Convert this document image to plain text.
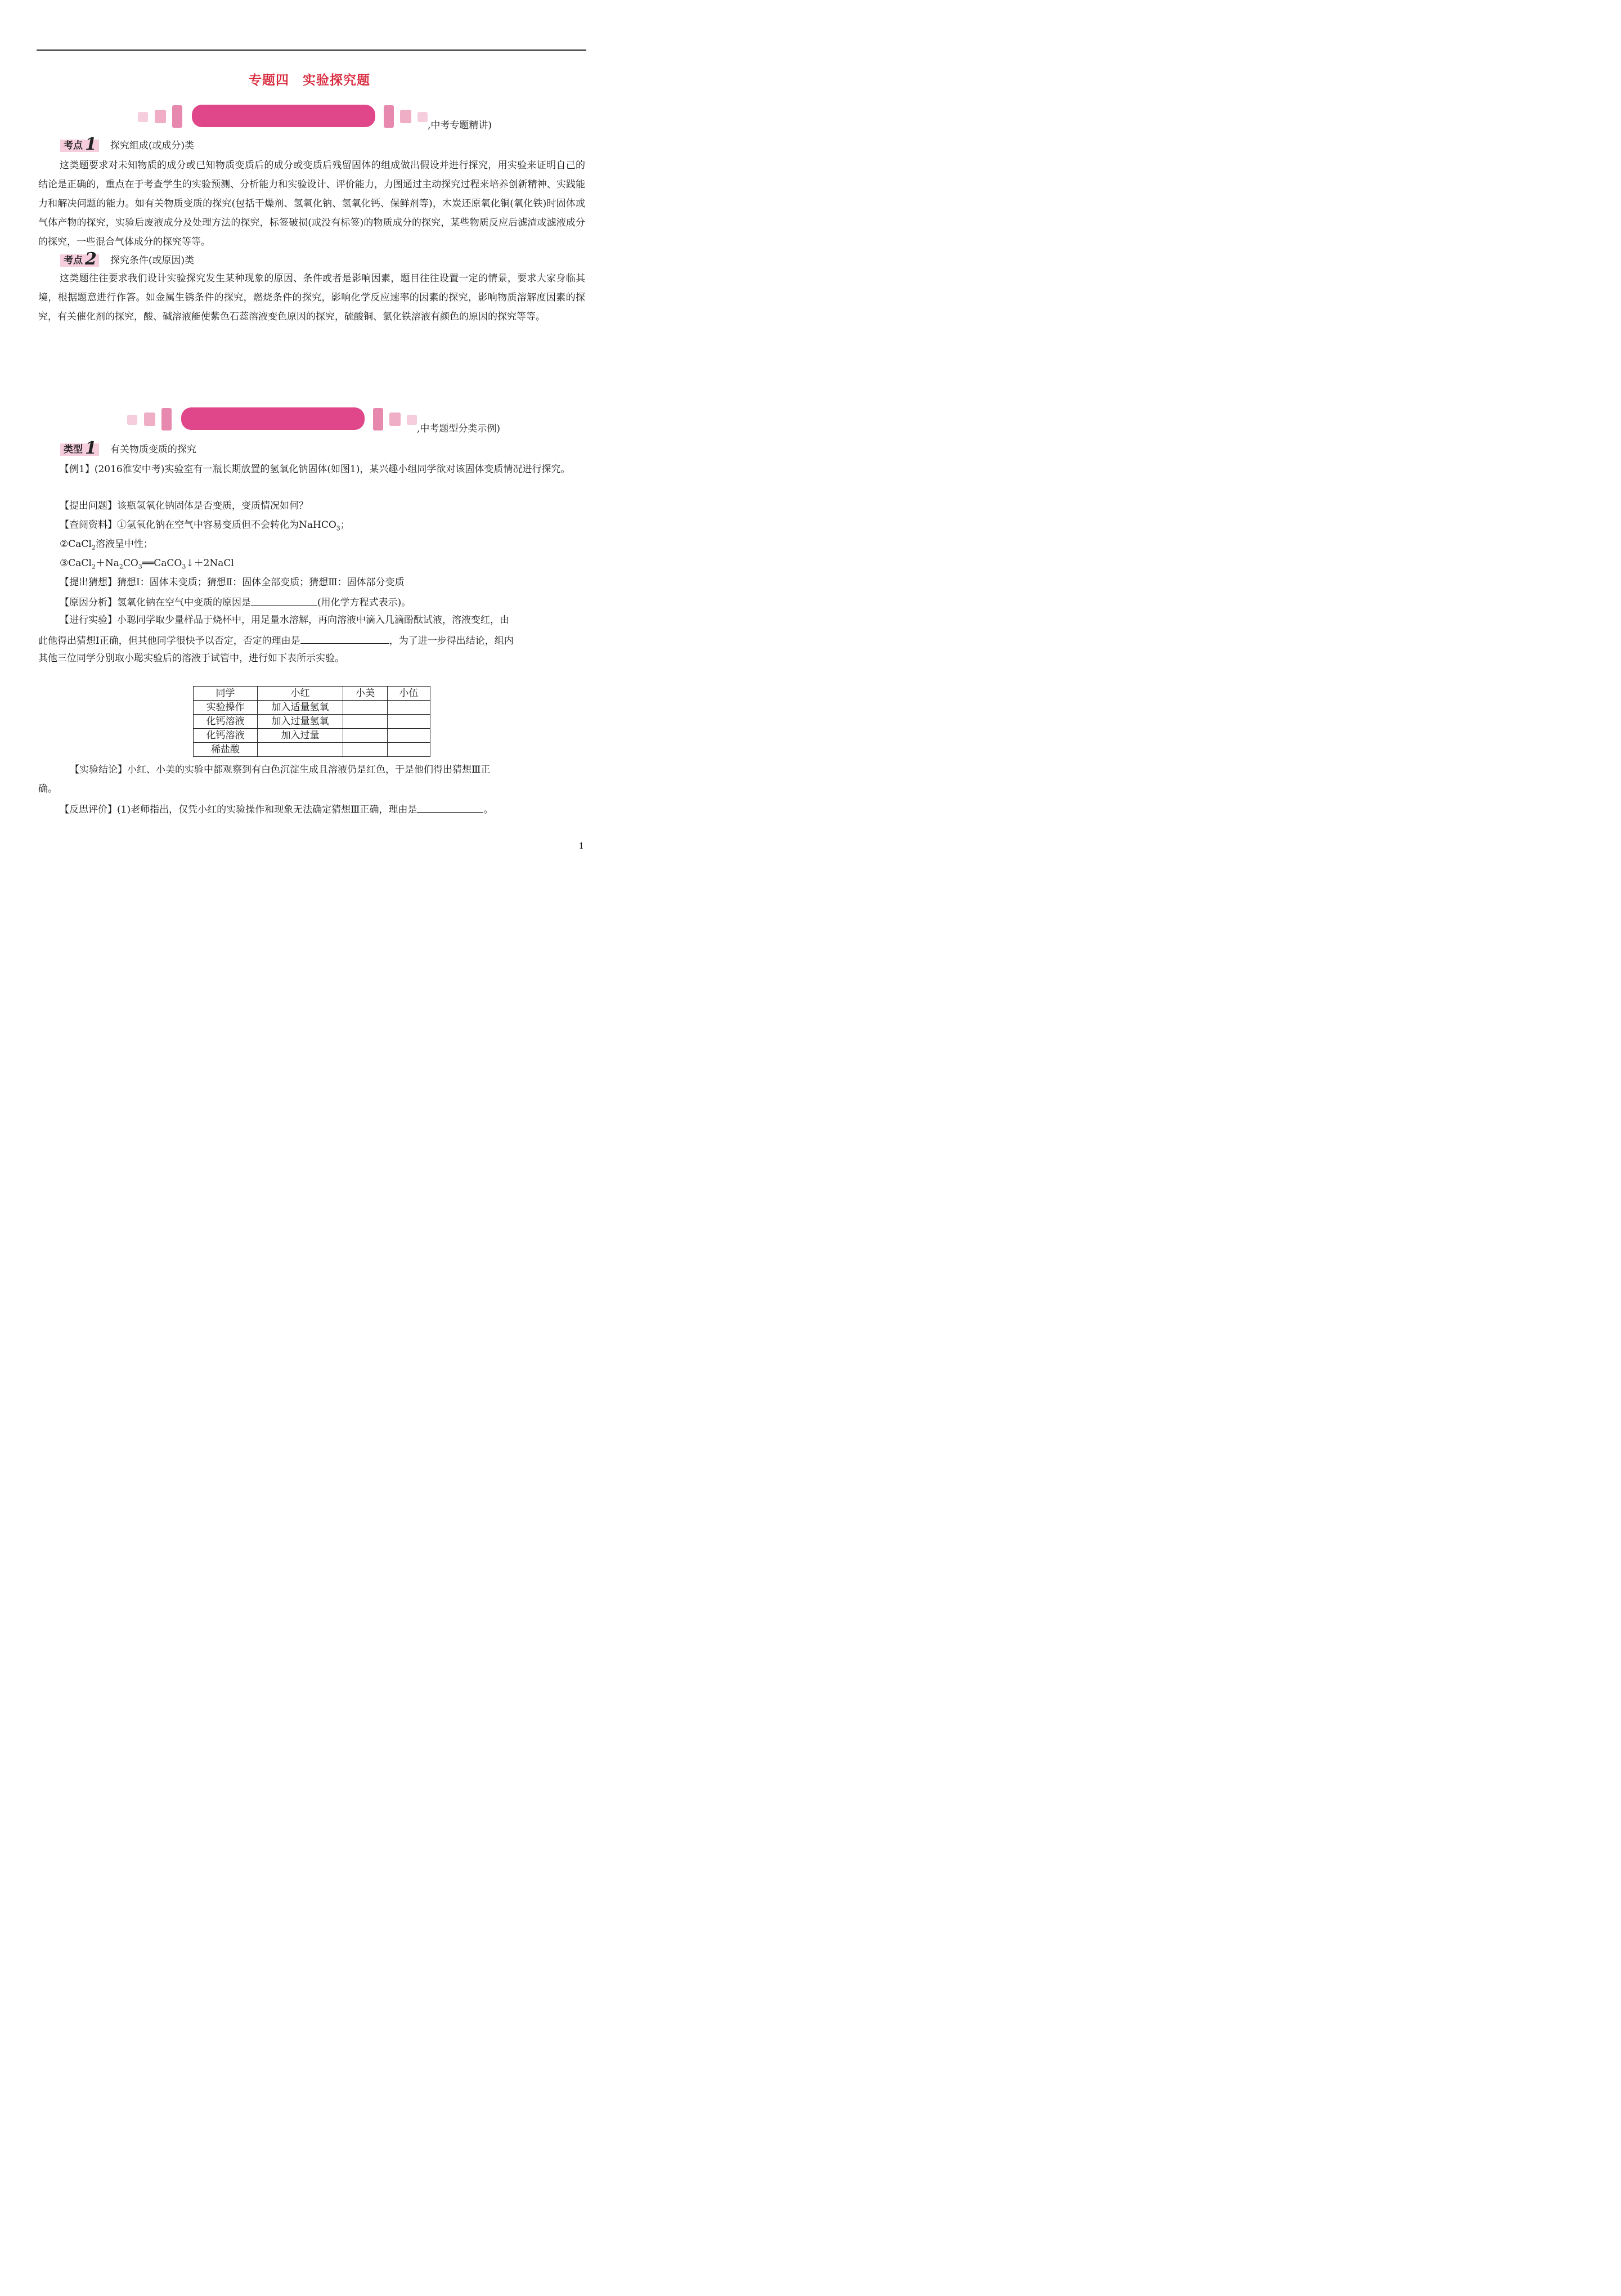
专题四　实验探究题
,中考专题精讲)
考点 1 探究组成(或成分)类
这类题要求对未知物质的成分或已知物质变质后的成分或变质后残留固体的组成做出假设并进行探究，用实验来证明自己的结论是正确的，重点在于考查学生的实验预测、分析能力和实验设计、评价能力，力图通过主动探究过程来培养创新精神、实践能力和解决问题的能力。如有关物质变质的探究(包括干燥剂、氢氧化钠、氢氧化钙、保鲜剂等)，木炭还原氧化铜(氧化铁)时固体或气体产物的探究，实验后废液成分及处理方法的探究，标签破损(或没有标签)的物质成分的探究，某些物质反应后滤渣或滤液成分的探究，一些混合气体成分的探究等等。
考点 2 探究条件(或原因)类
这类题往往要求我们设计实验探究发生某种现象的原因、条件或者是影响因素，题目往往设置一定的情景，要求大家身临其境，根据题意进行作答。如金属生锈条件的探究，燃烧条件的探究，影响化学反应速率的因素的探究，影响物质溶解度因素的探究，有关催化剂的探究，酸、碱溶液能使紫色石蕊溶液变色原因的探究，硫酸铜、氯化铁溶液有颜色的原因的探究等等。
,中考题型分类示例)
类型 1 有关物质变质的探究
【例1】(2016淮安中考)实验室有一瓶长期放置的氢氧化钠固体(如图1)，某兴趣小组同学欲对该固体变质情况进行探究。
【提出问题】该瓶氢氧化钠固体是否变质，变质情况如何？
【查阅资料】①氢氧化钠在空气中容易变质但不会转化为NaHCO$_3$；
②CaCl$_2$溶液呈中性；
$③CaCl_2+Na_2CO_3══CaCO_3↓+2NaCl$
【提出猜想】猜想Ⅰ：固体未变质；猜想Ⅱ：固体全部变质；猜想Ⅲ：固体部分变质
【原因分析】氢氧化钠在空气中变质的原因是	(用化学方程式表示)。
【进行实验】小聪同学取少量样品于烧杯中，用足量水溶解，再向溶液中滴入几滴酚酞试液，溶液变红，由
此他得出猜想Ⅰ正确，但其他同学很快予以否定，否定的理由是	，为了进一步得出结论，组内
其他三位同学分别取小聪实验后的溶液于试管中，进行如下表所示实验。
同学	小红	小美	小伍
实验操作	加入适量氢氧		
化钙溶液	加入过量氢氧		
化钙溶液	加入过量		
稀盐酸			
【实验结论】小红、小美的实验中都观察到有白色沉淀生成且溶液仍是红色，于是他们得出猜想Ⅲ正
确。
【反思评价】(1)老师指出，仅凭小红的实验操作和现象无法确定猜想Ⅲ正确，理由是	。
1
